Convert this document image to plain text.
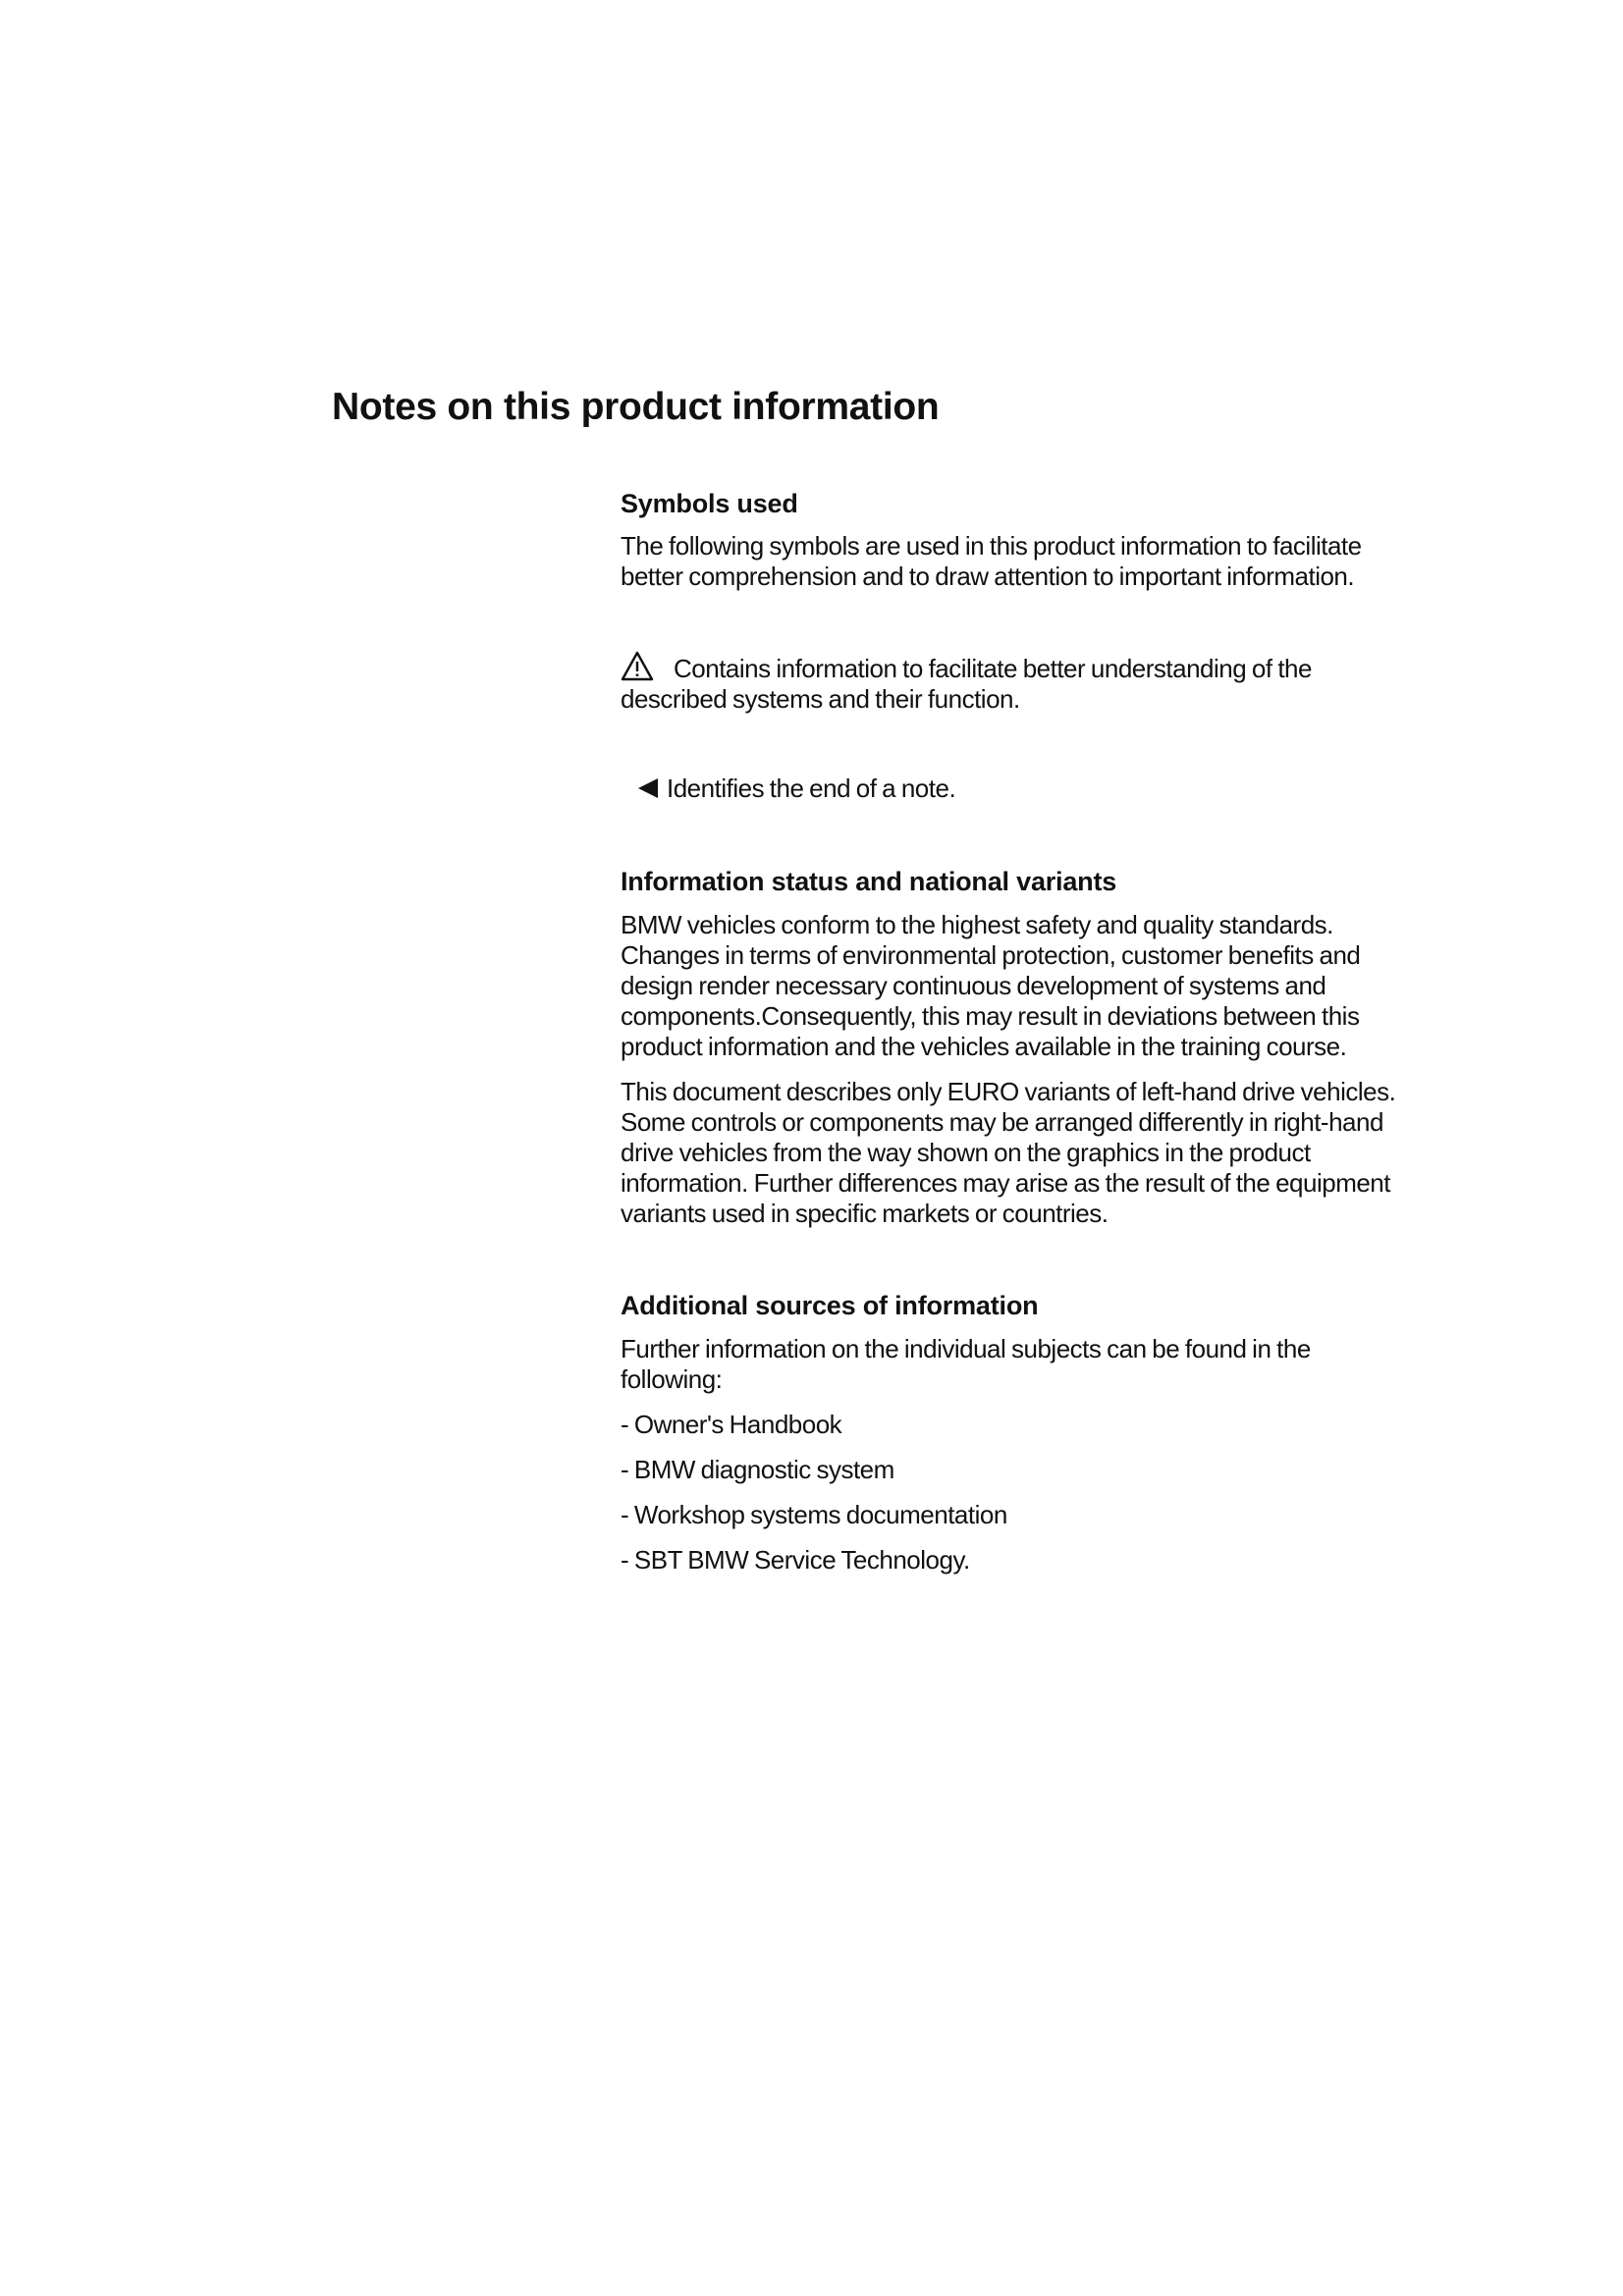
Notes on this product information
Symbols used

The following symbols are used in this product information to facilitate
better comprehension and to draw attention to important information.

Contains information to facilitate better understanding of the
described systems and their function.

Identifies the end of a note.

Information status and national variants

BMW vehicles conform to the highest safety and quality standards.
Changes in terms of environmental protection, customer benefits and
design render necessary continuous development of systems and
components.Consequently, this may result in deviations between this
product information and the vehicles available in the training course.

This document describes only EURO variants of left-hand drive vehicles.
Some controls or components may be arranged differently in right-hand
drive vehicles from the way shown on the graphics in the product
information. Further differences may arise as the result of the equipment
variants used in specific markets or countries.

Additional sources of information

Further information on the individual subjects can be found in the
following:

- Owner's Handbook
- BMW diagnostic system
- Workshop systems documentation
- SBT BMW Service Technology.
